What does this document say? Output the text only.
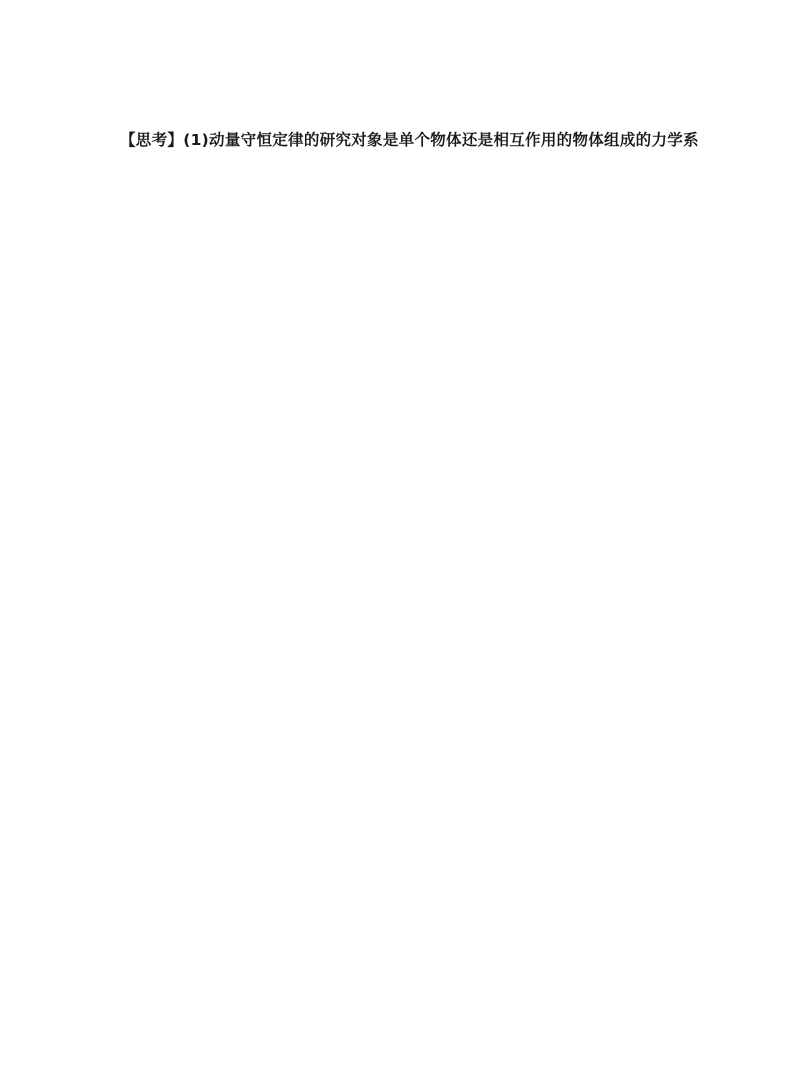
【思考】(1)动量守恒定律的研究对象是单个物体还是相互作用的物体组成的力学系
